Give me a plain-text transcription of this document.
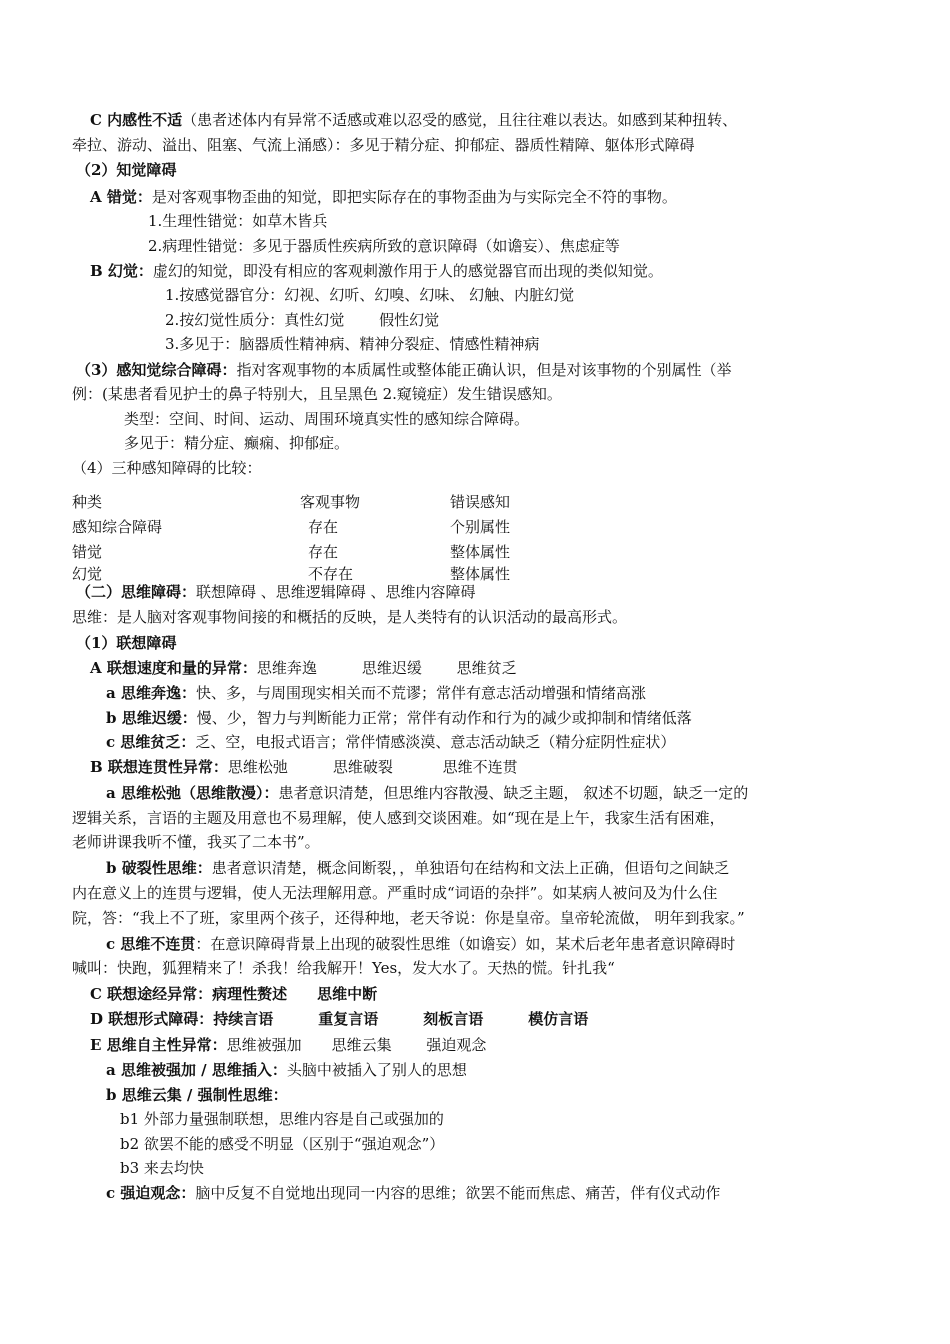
C 内感性不适（患者述体内有异常不适感或难以忍受的感觉，且往往难以表达。如感到某种扭转、
牵拉、游动、溢出、阻塞、气流上涌感）：多见于精分症、抑郁症、器质性精障、躯体形式障碍
（2）知觉障碍
A 错觉：是对客观事物歪曲的知觉，即把实际存在的事物歪曲为与实际完全不符的事物。
1.生理性错觉：如草木皆兵
2.病理性错觉：多见于器质性疾病所致的意识障碍（如谵妄）、焦虑症等
B 幻觉：虚幻的知觉，即没有相应的客观刺激作用于人的感觉器官而出现的类似知觉。
1.按感觉器官分：幻视、幻听、幻嗅、幻味、 幻触、内脏幻觉
2.按幻觉性质分：真性幻觉　　 假性幻觉
3.多见于：脑器质性精神病、精神分裂症、情感性精神病
（3）感知觉综合障碍：指对客观事物的本质属性或整体能正确认识，但是对该事物的个别属性（举
例：(某患者看见护士的鼻子特别大，且呈黑色 2.窥镜症）发生错误感知。
类型：空间、时间、运动、周围环境真实性的感知综合障碍。
多见于：精分症、癫痫、抑郁症。
（4）三种感知障碍的比较：
（二）思维障碍：联想障碍 、思维逻辑障碍 、思维内容障碍
思维：是人脑对客观事物间接的和概括的反映，是人类特有的认识活动的最高形式。
（1）联想障碍
A 联想速度和量的异常：思维奔逸　　　思维迟缓　　 思维贫乏
a 思维奔逸：快、多，与周围现实相关而不荒谬；常伴有意志活动增强和情绪高涨
b 思维迟缓：慢、少，智力与判断能力正常；常伴有动作和行为的减少或抑制和情绪低落
c 思维贫乏：乏、空，电报式语言；常伴情感淡漠、意志活动缺乏（精分症阴性症状）
B 联想连贯性异常：思维松弛　　　思维破裂　　　 思维不连贯
a 思维松弛（思维散漫）：患者意识清楚，但思维内容散漫、缺乏主题， 叙述不切题，缺乏一定的
逻辑关系，言语的主题及用意也不易理解，使人感到交谈困难。如“现在是上午，我家生活有困难，
老师讲课我听不懂，我买了二本书”。
b 破裂性思维：患者意识清楚，概念间断裂，，单独语句在结构和文法上正确，但语句之间缺乏
内在意义上的连贯与逻辑，使人无法理解用意。严重时成“词语的杂拌”。如某病人被问及为什么住
院，答：“我上不了班，家里两个孩子，还得种地，老天爷说：你是皇帝。皇帝轮流做， 明年到我家。”
c 思维不连贯：在意识障碍背景上出现的破裂性思维（如谵妄）如，某术后老年患者意识障碍时
喊叫：快跑，狐狸精来了！杀我！给我解开！Yes，发大水了。天热的慌。针扎我“
C 联想途经异常：病理性赘述　　思维中断
D 联想形式障碍：持续言语　　　重复言语　　　刻板言语　　　模仿言语
E 思维自主性异常：思维被强加　　思维云集　　 强迫观念
a 思维被强加 / 思维插入：头脑中被插入了别人的思想
b 思维云集 / 强制性思维：
b1 外部力量强制联想，思维内容是自己或强加的
b2 欲罢不能的感受不明显（区别于“强迫观念”）
b3 来去均快
c 强迫观念：脑中反复不自觉地出现同一内容的思维；欲罢不能而焦虑、痛苦，伴有仪式动作
种类	客观事物	错误感知
感知综合障碍	存在	个别属性
错觉	存在	整体属性
幻觉	不存在	整体属性
